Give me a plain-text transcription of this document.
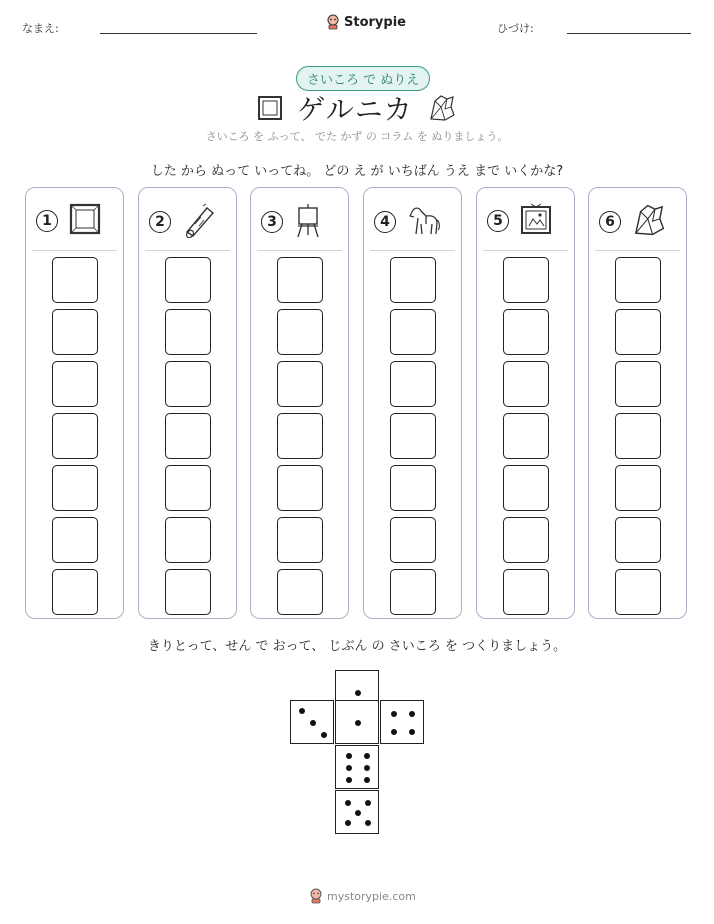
なまえ:	Storypie	ひづけ:
さいころ で ぬりえ
ゲルニカ
さいころ を ふって、 でた かず の コラム を ぬりましょう。
した から ぬって いってね。 どの え が いちばん うえ まで いくかな?
1	2	3	4	5	6
きりとって、せん で おって、 じぶん の さいころ を つくりましょう。
mystorypie.com
